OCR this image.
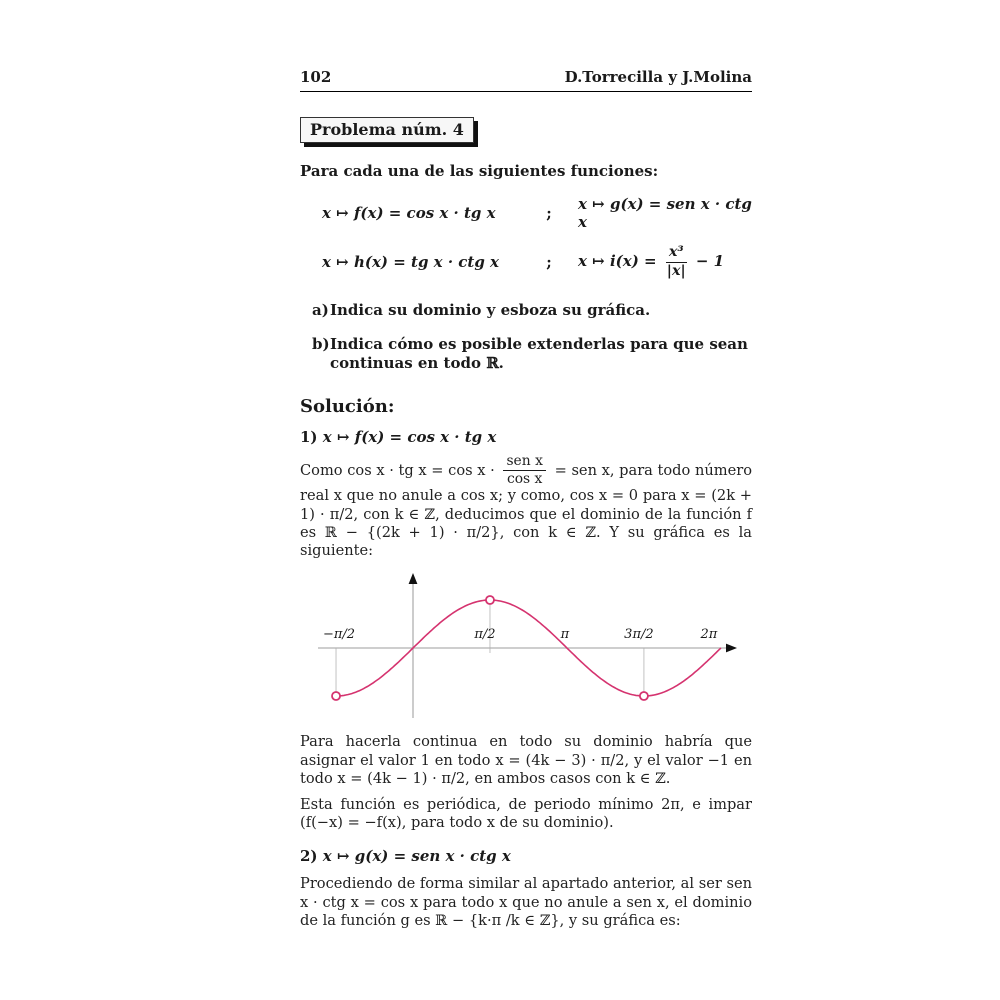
102	D.Torrecilla y J.Molina
Problema núm. 4
Para cada una de las siguientes funciones:
x ↦ f(x) = cos x · tg x	;	x ↦ g(x) = sen x · ctg x
x ↦ h(x) = tg x · ctg x	;	x ↦ $i(x) = \frac{\text{x³}}{|x|} - 1$
a) Indica su dominio y esboza su gráfica.
b) Indica cómo es posible extenderlas para que sean continuas en todo ℝ.
Solución:
1) x ↦ f(x) = cos x · tg x
Como cos x · tg $x = \cos x \cdot \frac{\text{sen x}}{\text{cos x}}$ = sen x, para todo número real x que no anule a cos x; y como, cos x = 0 para x = (2k + 1) · π/2, con k ∈ ℤ, deducimos que el dominio de la función f es ℝ − {(2k + 1) · π/2}, con k ∈ ℤ. Y su gráfica es la siguiente:
−π/2	π/2	π	3π/2	2π
Para hacerla continua en todo su dominio habría que asignar el valor 1 en todo x = (4k − 3) · π/2, y el valor −1 en todo x = (4k − 1) · π/2, en ambos casos con k ∈ ℤ.
Esta función es periódica, de periodo mínimo 2π, e impar (f(−x) = −f(x), para todo x de su dominio).
2) x ↦ g(x) = sen x · ctg x
Procediendo de forma similar al apartado anterior, al ser sen x · ctg x = cos x para todo x que no anule a sen x, el dominio de la función g es ℝ − {k·π /k ∈ ℤ}, y su gráfica es:
